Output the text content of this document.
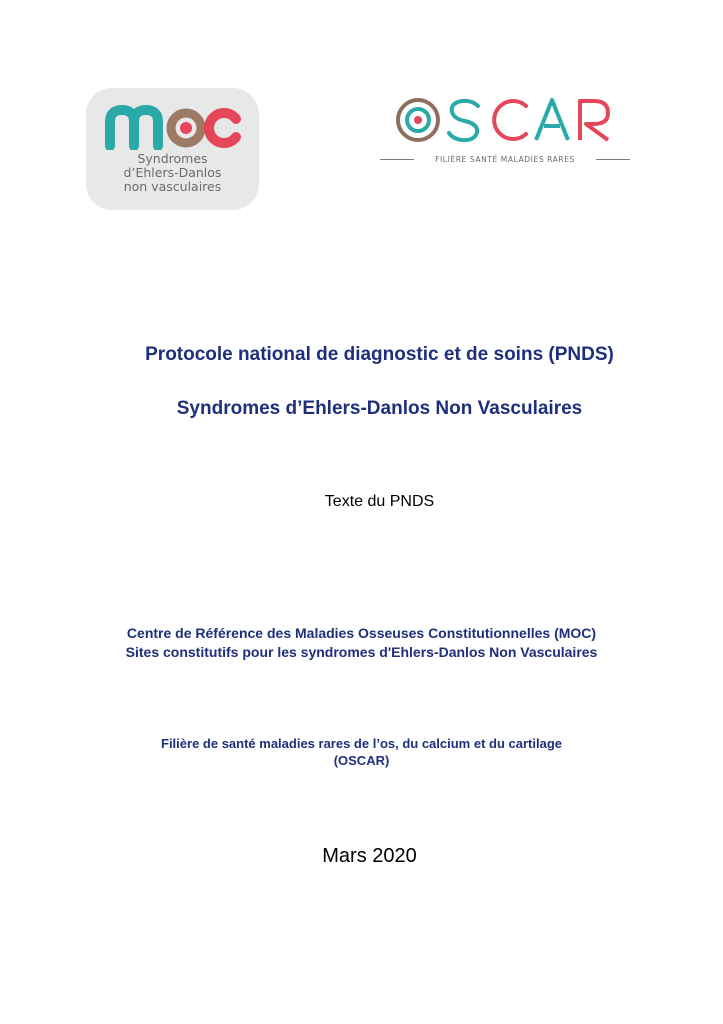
Syndromes
d’Ehlers-Danlos
non vasculaires
FILIÈRE SANTÉ MALADIES RARES
Protocole national de diagnostic et de soins (PNDS)
Syndromes d’Ehlers-Danlos Non Vasculaires
Texte du PNDS
Centre de Référence des Maladies Osseuses Constitutionnelles (MOC)
Sites constitutifs pour les syndromes d'Ehlers-Danlos Non Vasculaires
Filière de santé maladies rares de l’os, du calcium et du cartilage
(OSCAR)
Mars 2020
